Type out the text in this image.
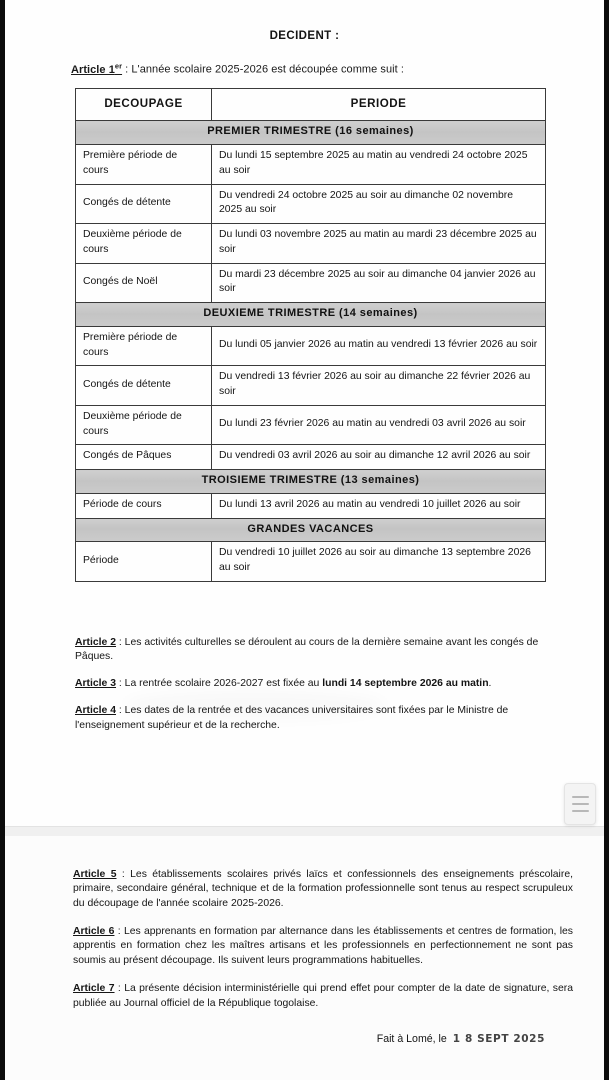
DECIDENT :

Article 1er : L'année scolaire 2025-2026 est découpée comme suit :

DECOUPAGE	PERIODE
PREMIER TRIMESTRE (16 semaines)	
Première période de cours	Du lundi 15 septembre 2025 au matin au vendredi 24 octobre 2025 au soir
Congés de détente	Du vendredi 24 octobre 2025 au soir au dimanche 02 novembre 2025 au soir
Deuxième période de cours	Du lundi 03 novembre 2025 au matin au mardi 23 décembre 2025 au soir
Congés de Noël	Du mardi 23 décembre 2025 au soir au dimanche 04 janvier 2026 au soir
DEUXIEME TRIMESTRE (14 semaines)	
Première période de cours	Du lundi 05 janvier 2026 au matin au vendredi 13 février 2026 au soir
Congés de détente	Du vendredi 13 février 2026 au soir au dimanche 22 février 2026 au soir
Deuxième période de cours	Du lundi 23 février 2026 au matin au vendredi 03 avril 2026 au soir
Congés de Pâques	Du vendredi 03 avril 2026 au soir au dimanche 12 avril 2026 au soir
TROISIEME TRIMESTRE (13 semaines)	
Période de cours	Du lundi 13 avril 2026 au matin au vendredi 10 juillet 2026 au soir
GRANDES VACANCES	
Période	Du vendredi 10 juillet 2026 au soir au dimanche 13 septembre 2026 au soir

Article 2 : Les activités culturelles se déroulent au cours de la dernière semaine avant les congés de Pâques.

Article 3 : La rentrée scolaire 2026-2027 est fixée au lundi 14 septembre 2026 au matin.

Article 4 : Les dates de la rentrée et des vacances universitaires sont fixées par le Ministre de l'enseignement supérieur et de la recherche.

Article 5 : Les établissements scolaires privés laïcs et confessionnels des enseignements préscolaire, primaire, secondaire général, technique et de la formation professionnelle sont tenus au respect scrupuleux du découpage de l'année scolaire 2025-2026.

Article 6 : Les apprenants en formation par alternance dans les établissements et centres de formation, les apprentis en formation chez les maîtres artisans et les professionnels en perfectionnement ne sont pas soumis au présent découpage. Ils suivent leurs programmations habituelles.

Article 7 : La présente décision interministérielle qui prend effet pour compter de la date de signature, sera publiée au Journal officiel de la République togolaise.

Fait à Lomé, le 1 8 SEPT 2025
